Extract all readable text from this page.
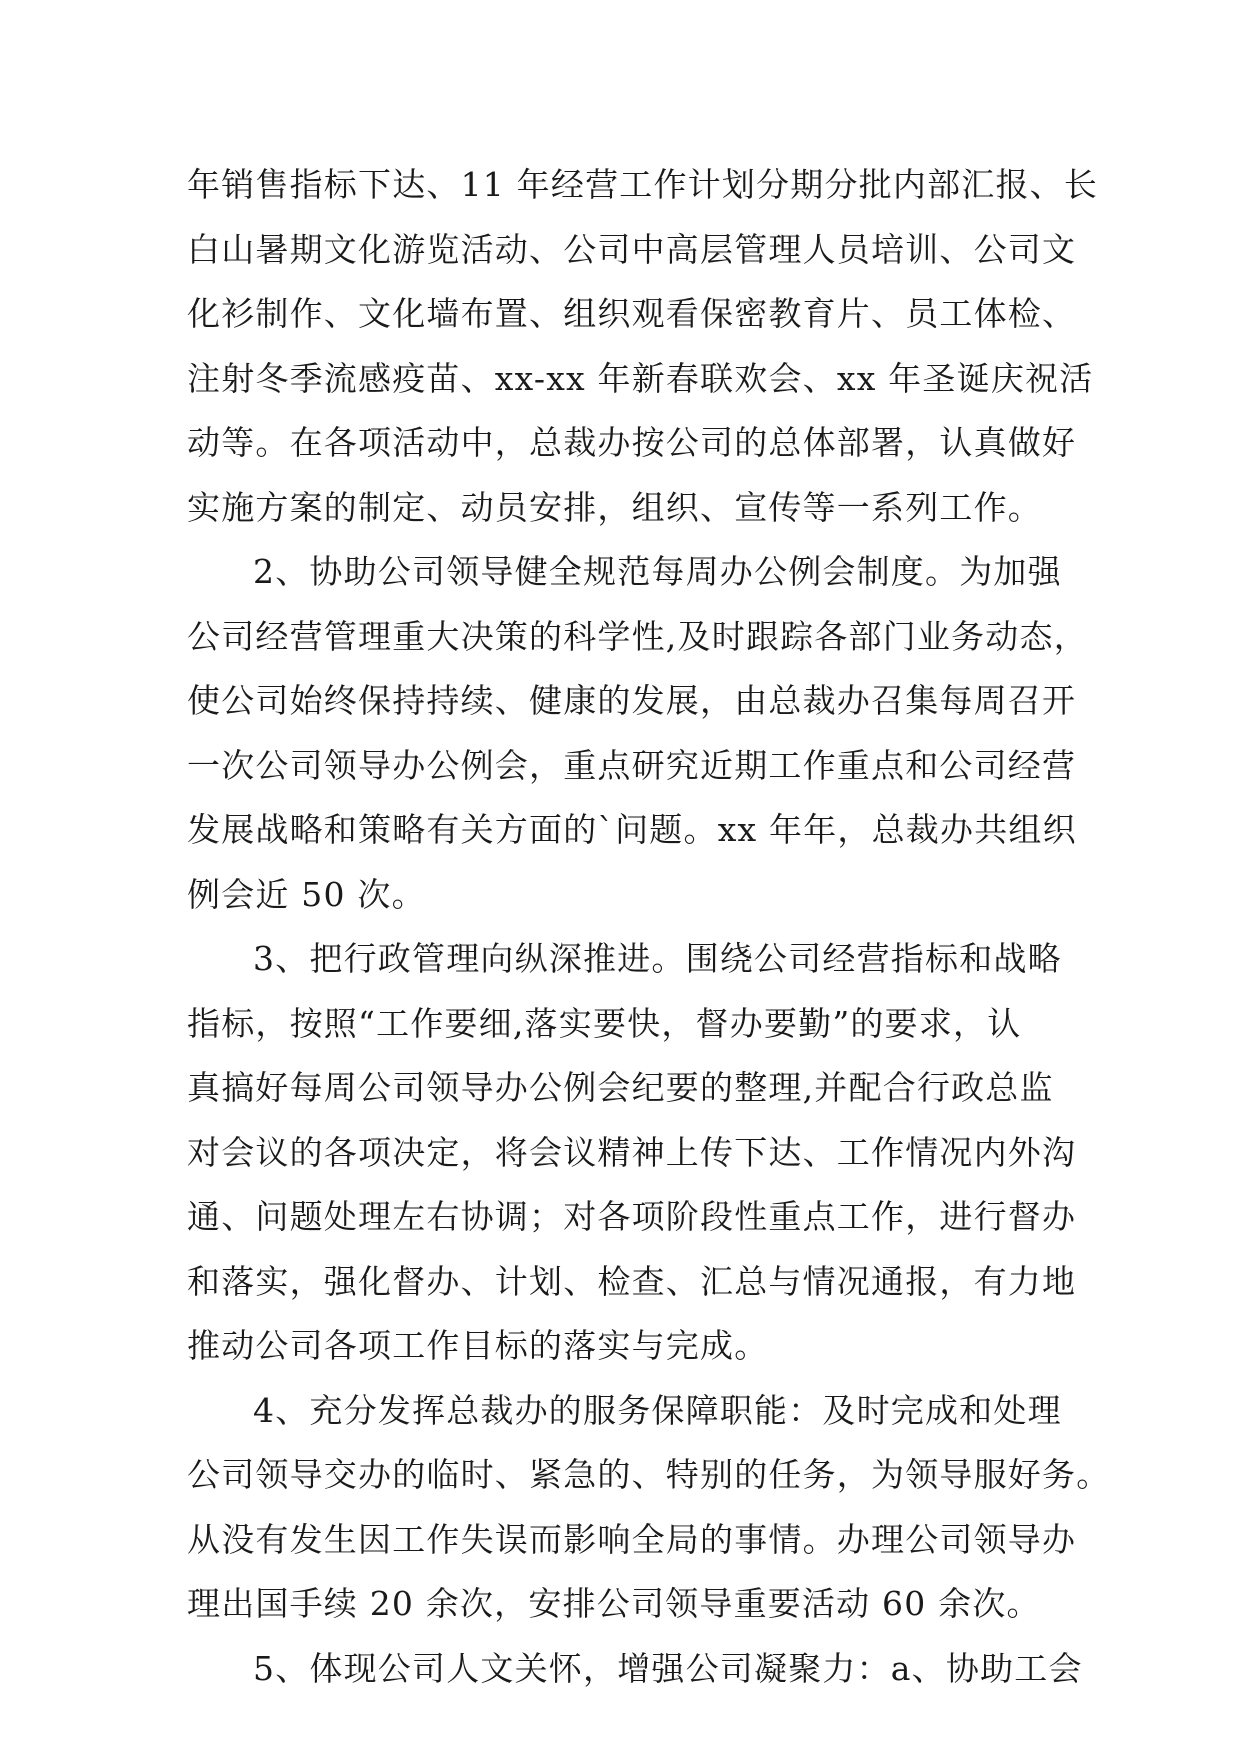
年销售指标下达、11 年经营工作计划分期分批内部汇报、长
白山暑期文化游览活动、公司中高层管理人员培训、公司文
化衫制作、文化墙布置、组织观看保密教育片、员工体检、
注射冬季流感疫苗、xx-xx 年新春联欢会、xx 年圣诞庆祝活
动等。在各项活动中，总裁办按公司的总体部署，认真做好
实施方案的制定、动员安排，组织、宣传等一系列工作。
2、协助公司领导健全规范每周办公例会制度。为加强
公司经营管理重大决策的科学性,及时跟踪各部门业务动态，
使公司始终保持持续、健康的发展，由总裁办召集每周召开
一次公司领导办公例会，重点研究近期工作重点和公司经营
发展战略和策略有关方面的`问题。xx 年年，总裁办共组织
例会近 50 次。
3、把行政管理向纵深推进。围绕公司经营指标和战略
指标，按照“工作要细,落实要快，督办要勤”的要求，认
真搞好每周公司领导办公例会纪要的整理,并配合行政总监
对会议的各项决定，将会议精神上传下达、工作情况内外沟
通、问题处理左右协调；对各项阶段性重点工作，进行督办
和落实，强化督办、计划、检查、汇总与情况通报，有力地
推动公司各项工作目标的落实与完成。
4、充分发挥总裁办的服务保障职能：及时完成和处理
公司领导交办的临时、紧急的、特别的任务，为领导服好务。
从没有发生因工作失误而影响全局的事情。办理公司领导办
理出国手续 20 余次，安排公司领导重要活动 60 余次。
5、体现公司人文关怀，增强公司凝聚力：a、协助工会
